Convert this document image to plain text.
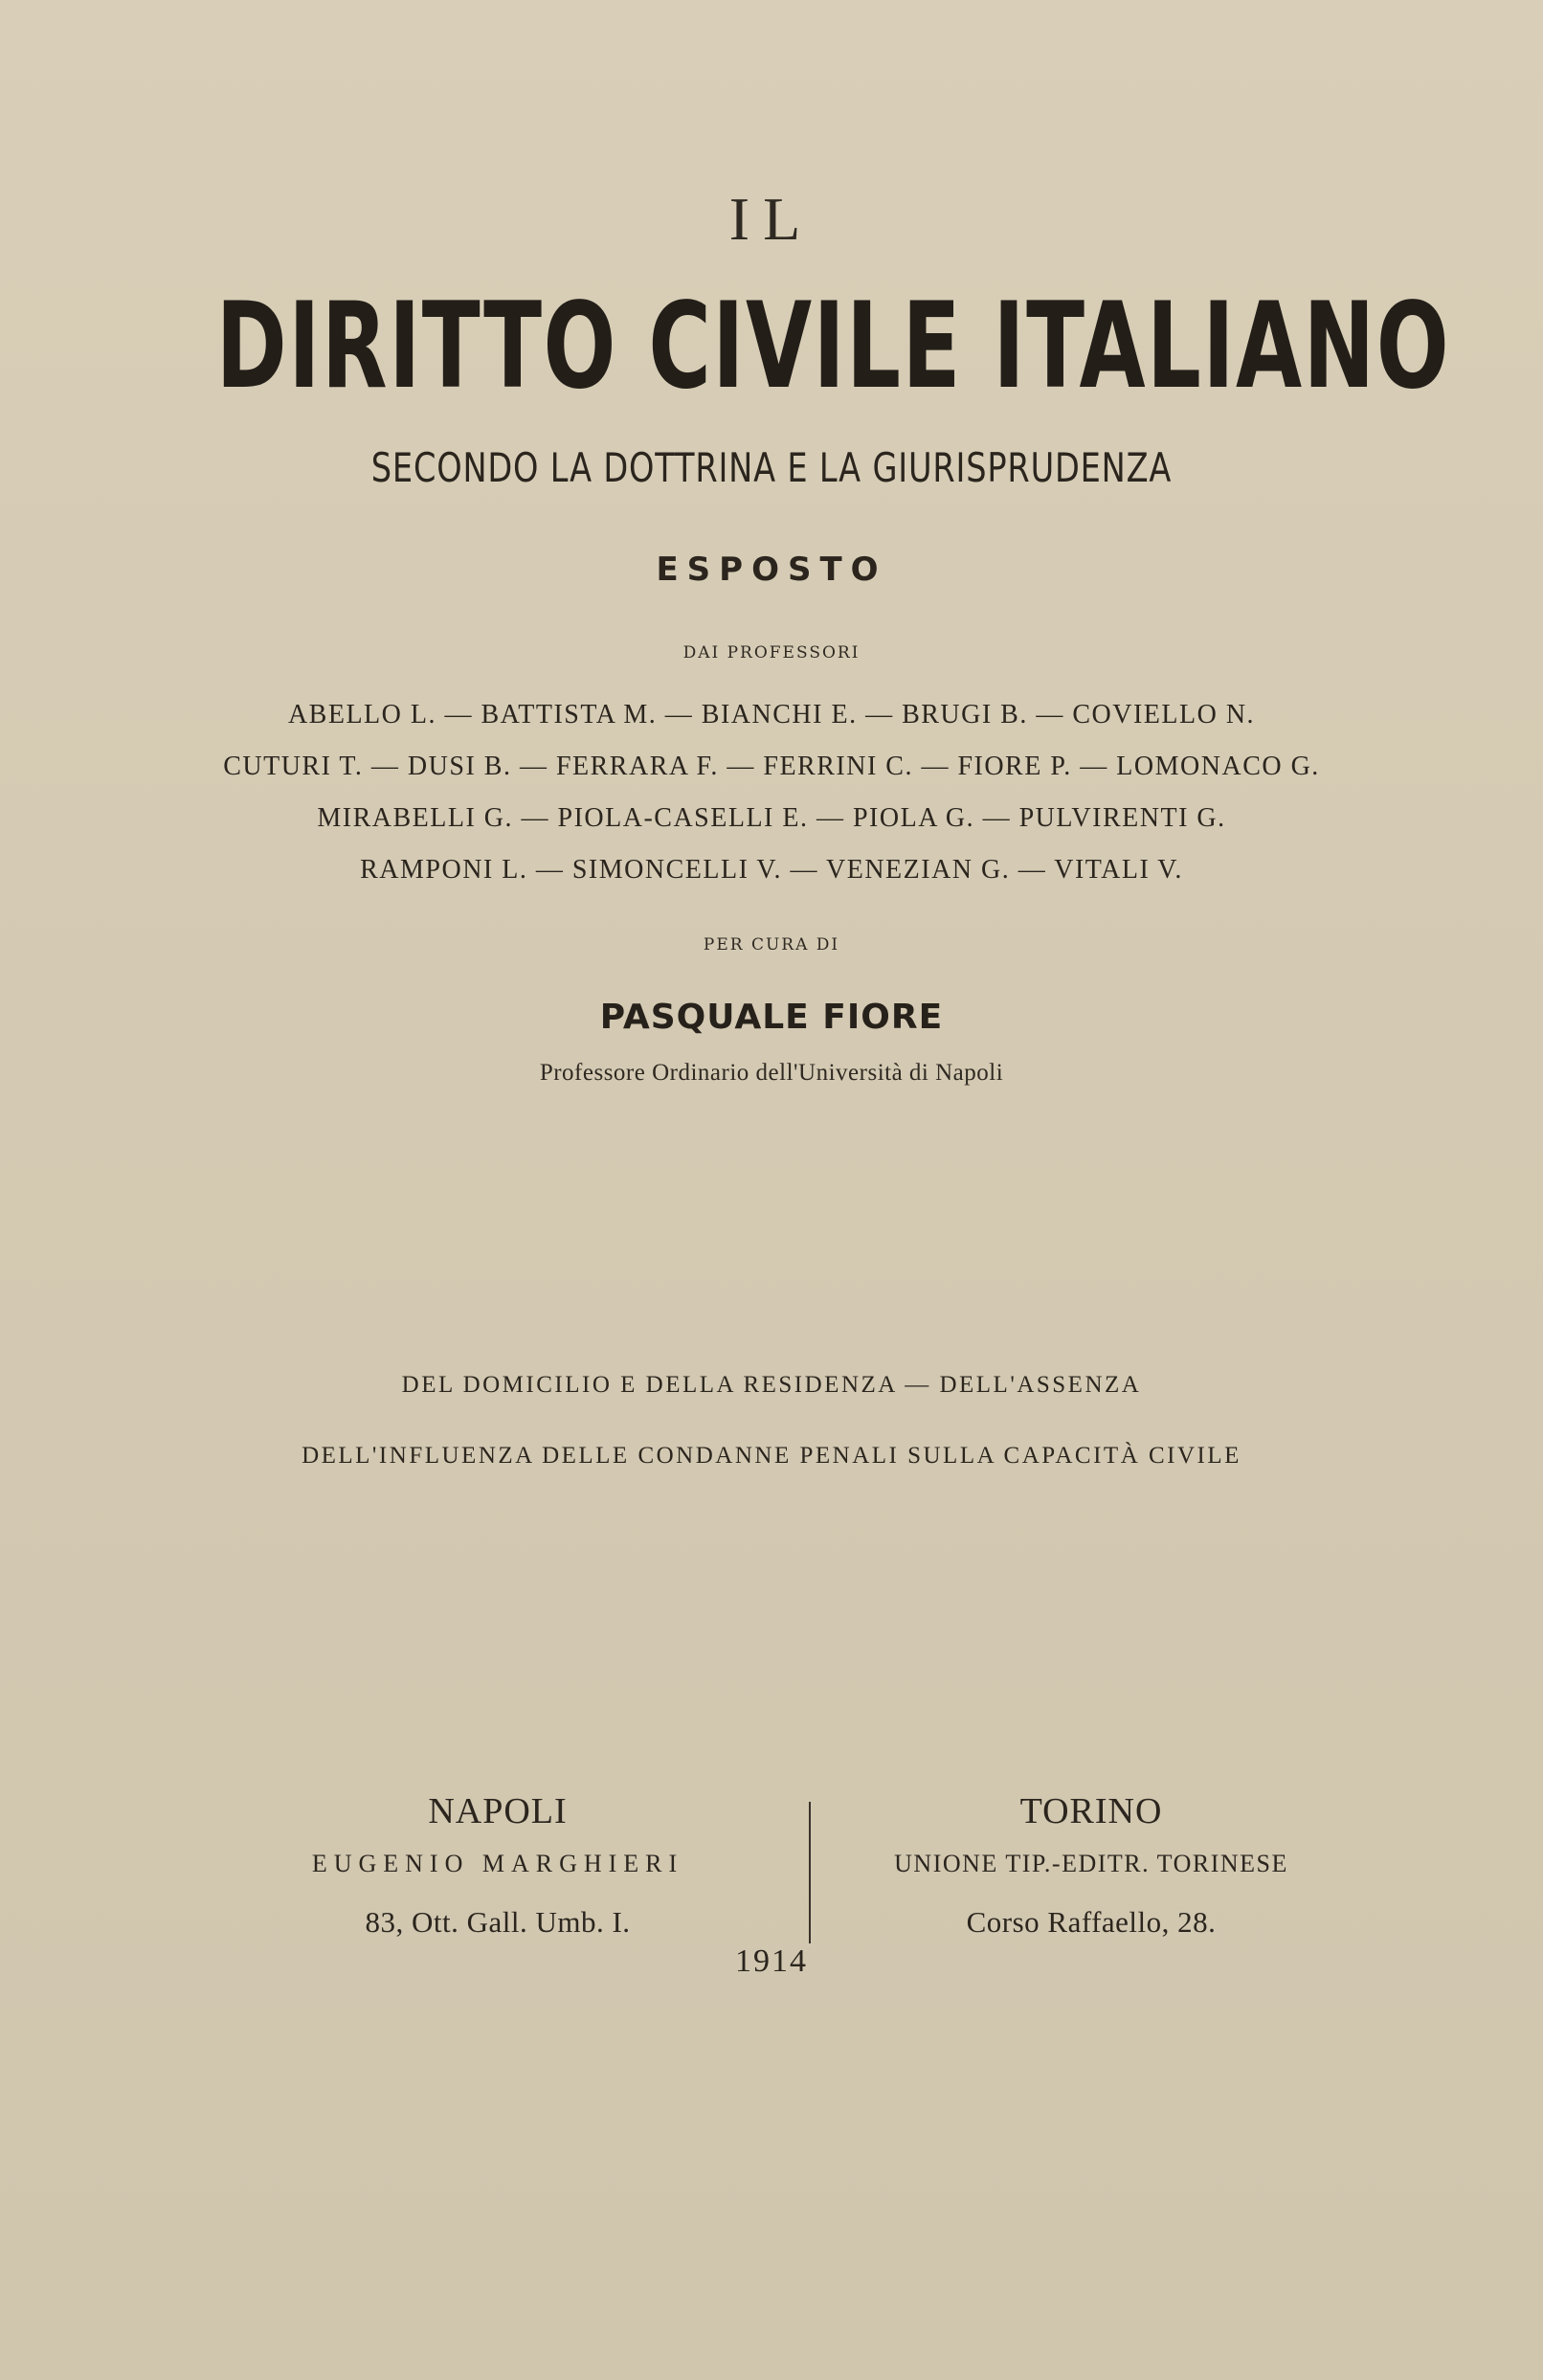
IL
DIRITTO CIVILE ITALIANO
SECONDO LA DOTTRINA E LA GIURISPRUDENZA
ESPOSTO
DAI PROFESSORI
ABELLO L. — BATTISTA M. — BIANCHI E. — BRUGI B. — COVIELLO N.
CUTURI T. — DUSI B. — FERRARA F. — FERRINI C. — FIORE P. — LOMONACO G.
MIRABELLI G. — PIOLA-CASELLI E. — PIOLA G. — PULVIRENTI G.
RAMPONI L. — SIMONCELLI V. — VENEZIAN G. — VITALI V.
PER CURA DI
PASQUALE FIORE
Professore Ordinario dell'Università di Napoli
DEL DOMICILIO E DELLA RESIDENZA — DELL'ASSENZA
DELL'INFLUENZA DELLE CONDANNE PENALI SULLA CAPACITÀ CIVILE
NAPOLI
EUGENIO MARGHIERI
83, Ott. Gall. Umb. I.
TORINO
UNIONE TIP.-EDITR. TORINESE
Corso Raffaello, 28.
1914
